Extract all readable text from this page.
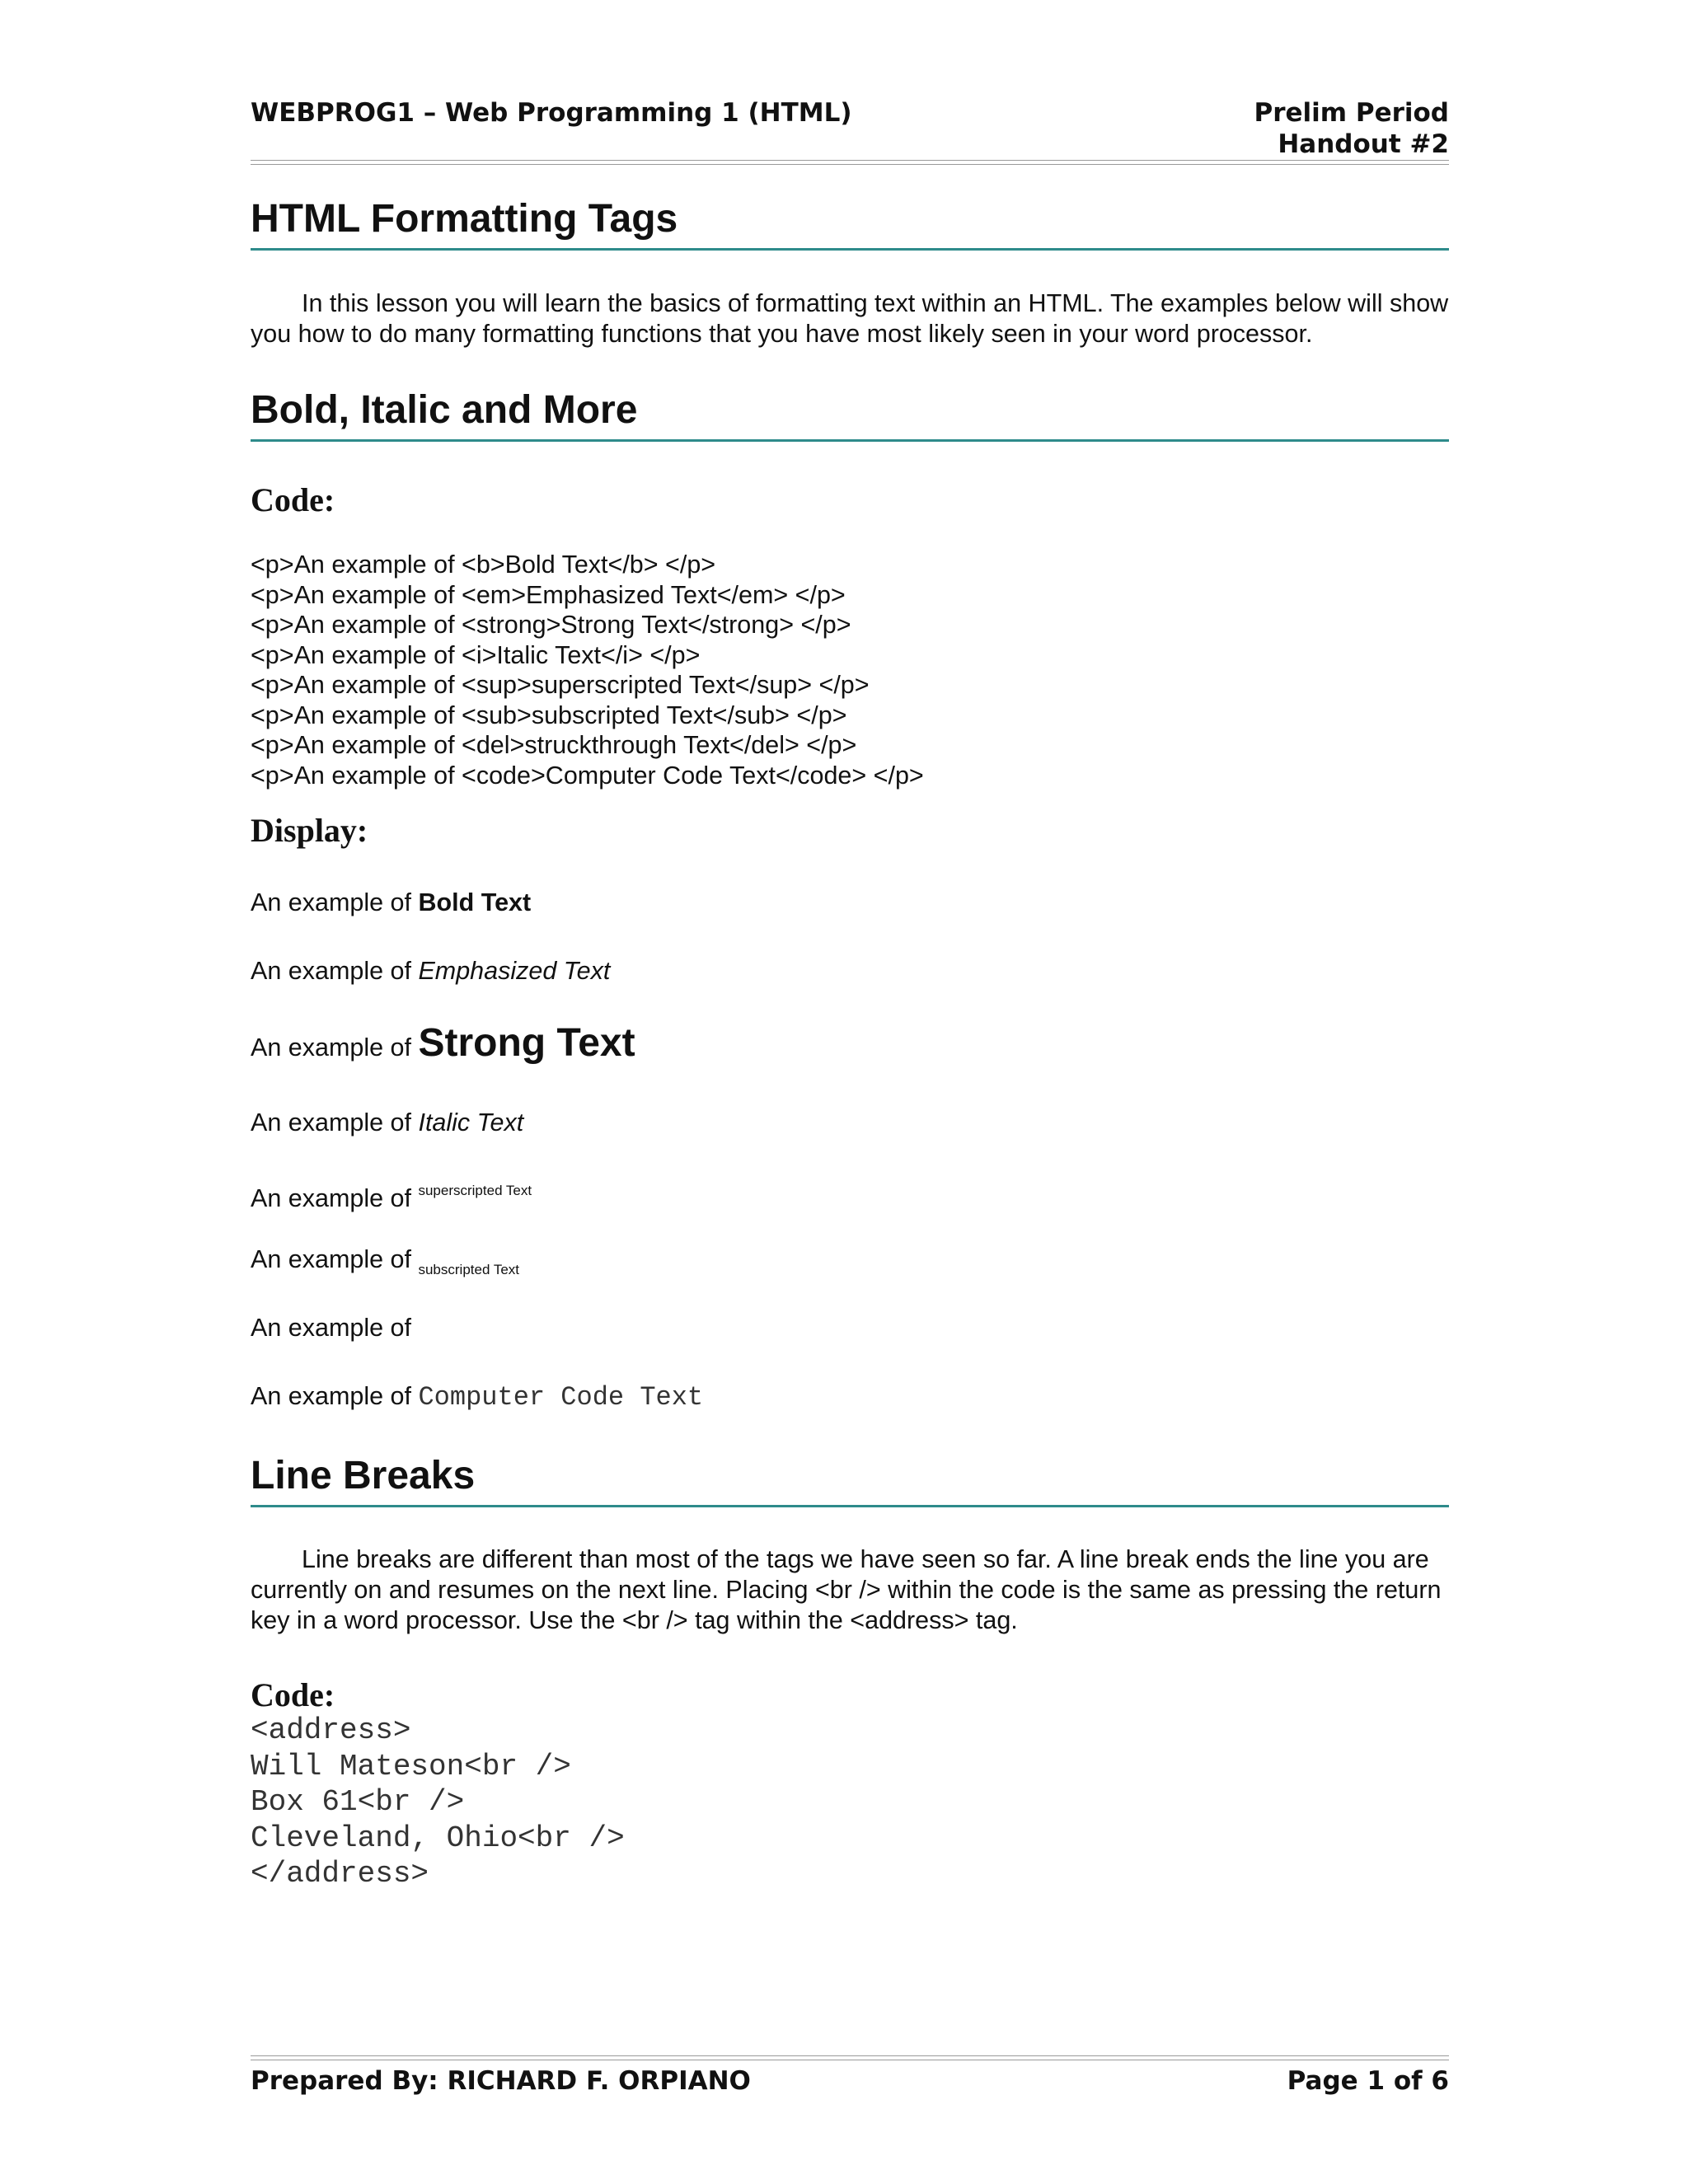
WEBPROG1 – Web Programming 1 (HTML)	Prelim Period
Handout #2
HTML Formatting Tags

In this lesson you will learn the basics of formatting text within an HTML. The examples below will show you how to do many formatting functions that you have most likely seen in your word processor.

Bold, Italic and More
Code:
<p>An example of <b>Bold Text</b> </p>
<p>An example of <em>Emphasized Text</em> </p>
<p>An example of <strong>Strong Text</strong> </p>
<p>An example of <i>Italic Text</i> </p>
<p>An example of <sup>superscripted Text</sup> </p>
<p>An example of <sub>subscripted Text</sub> </p>
<p>An example of <del>struckthrough Text</del> </p>
<p>An example of <code>Computer Code Text</code> </p>
Display:
An example of Bold Text
An example of Emphasized Text
An example of Strong Text
An example of Italic Text
An example of $^{superscripted Text}$
An example of $_{subscripted Text}$
An example of
An example of Computer Code Text
Line Breaks

Line breaks are different than most of the tags we have seen so far. A line break ends the line you are currently on and resumes on the next line. Placing <br /> within the code is the same as pressing the return key in a word processor. Use the <br /> tag within the <address> tag.

Code:
<address>
Will Mateson<br />
Box 61<br />
Cleveland, Ohio<br />
</address>
Prepared By: RICHARD F. ORPIANO	Page 1 of 6
